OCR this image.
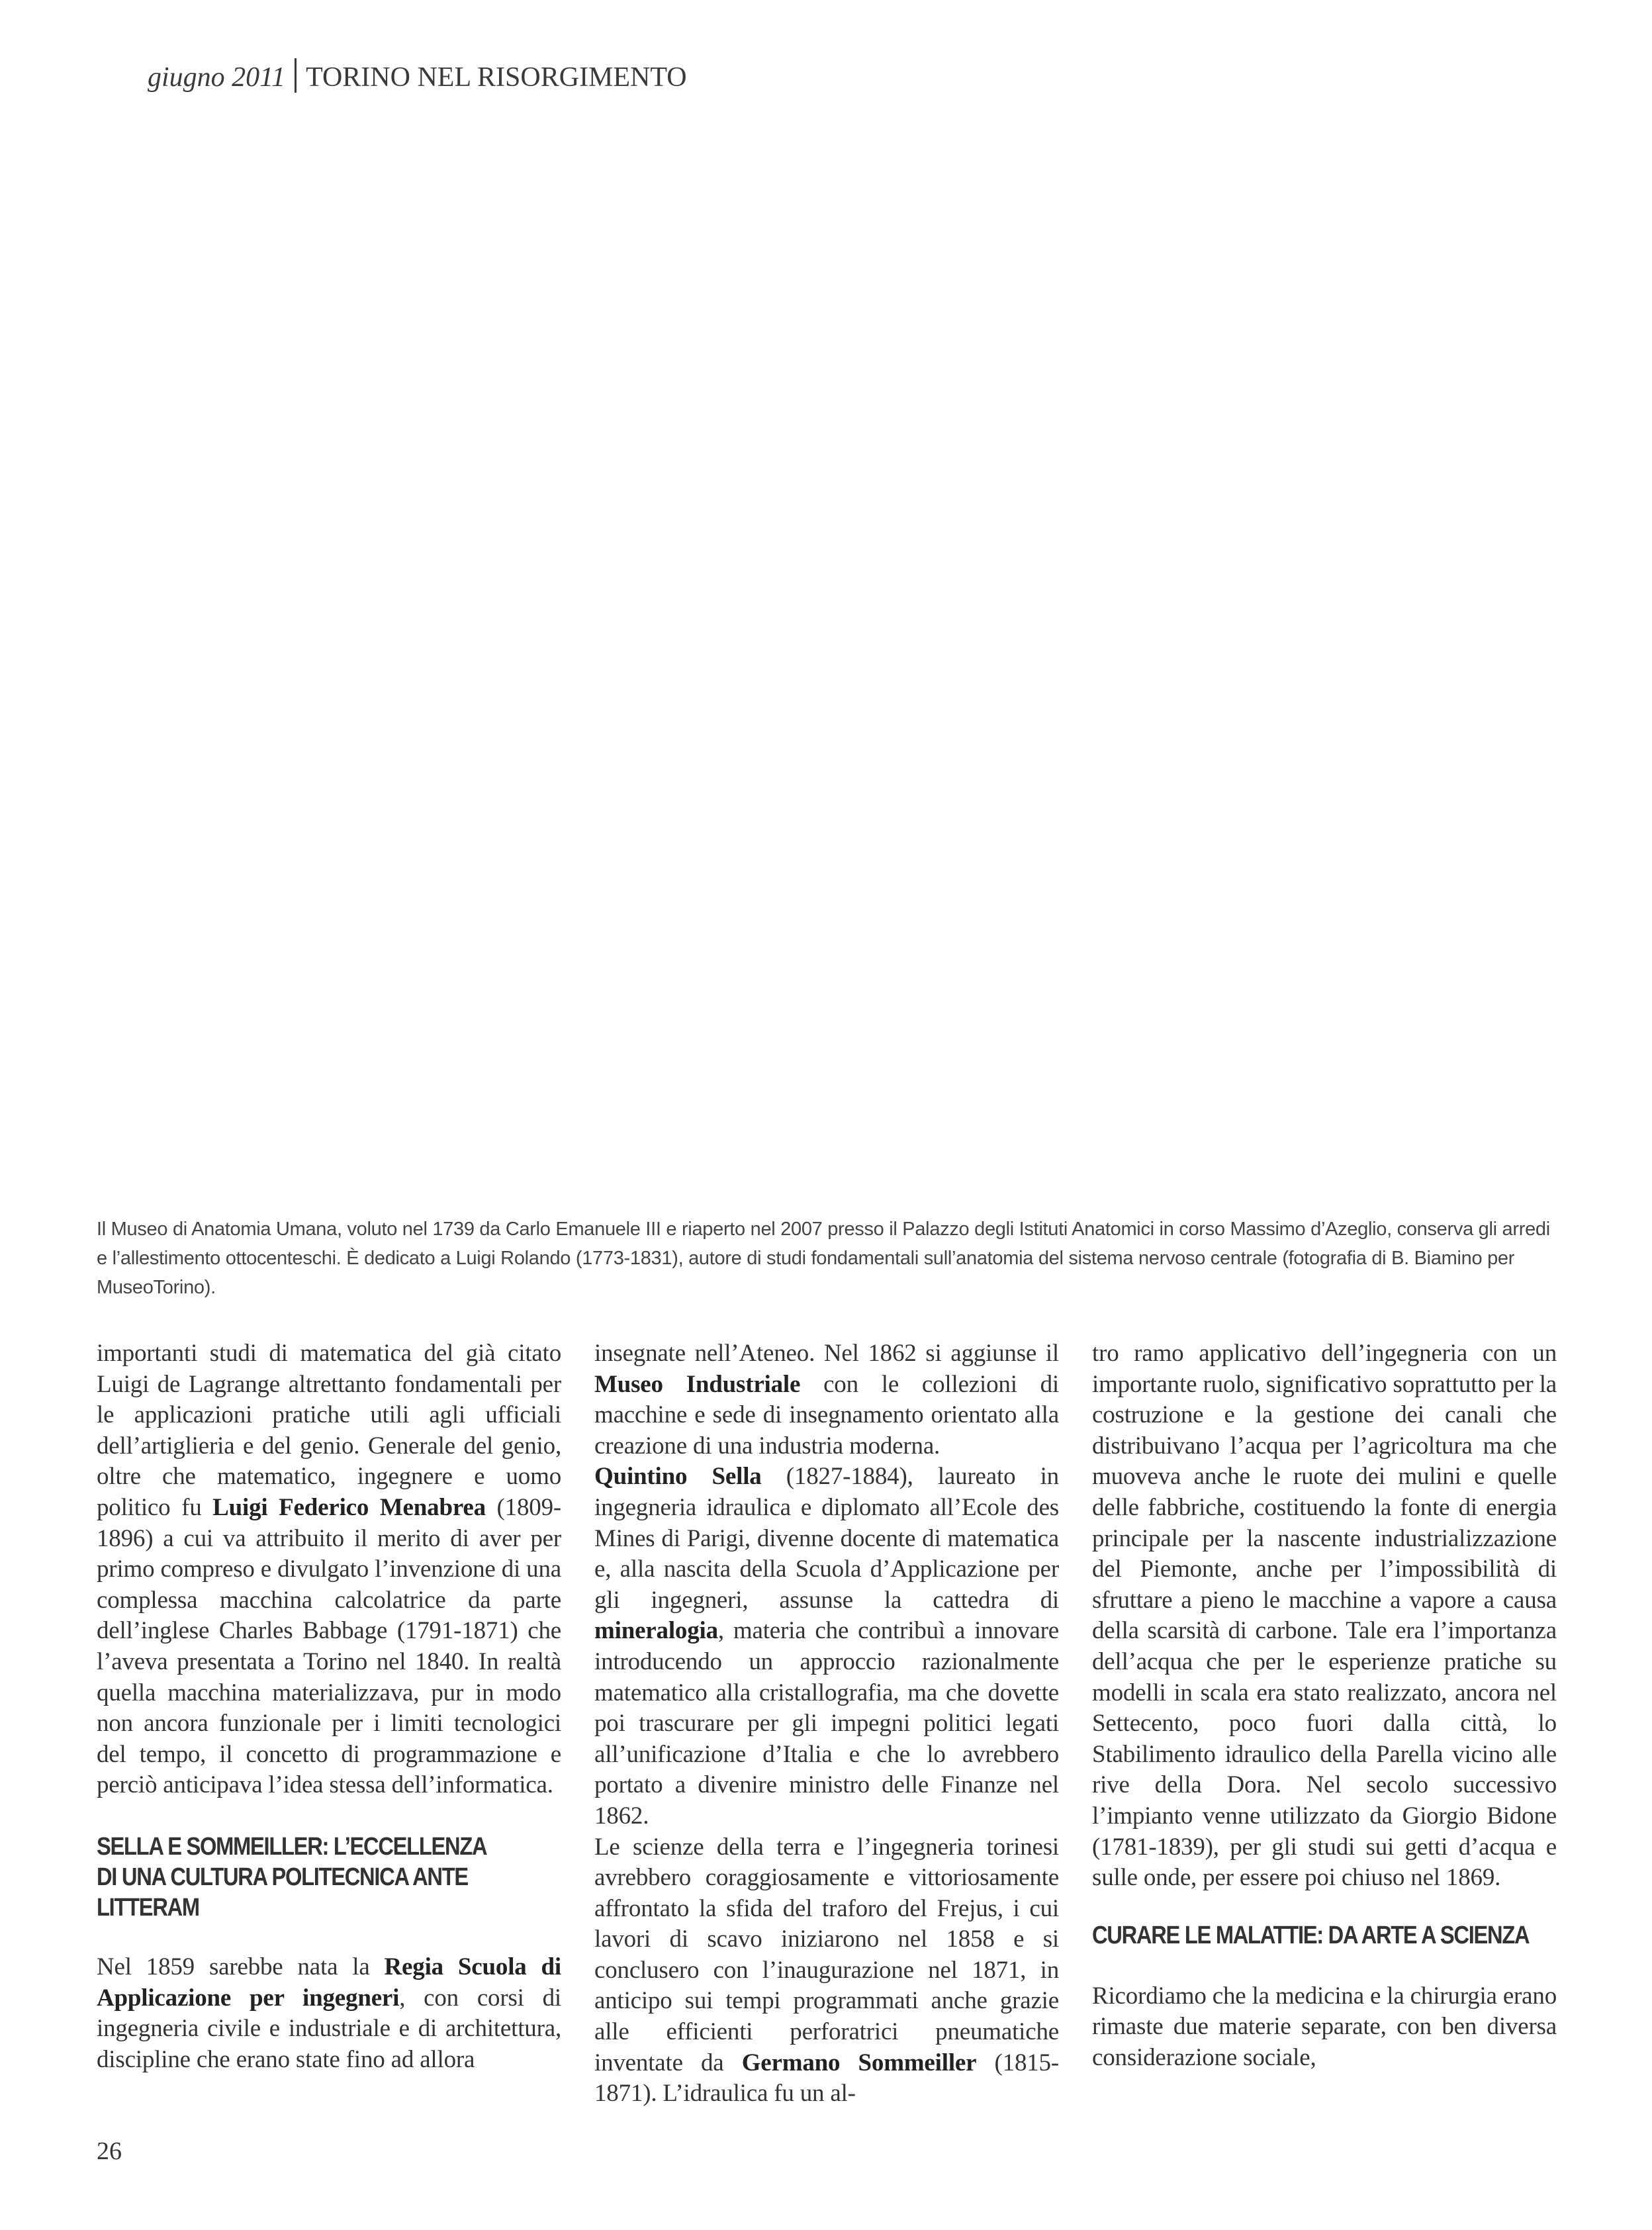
giugno 2011 TORINO NEL RISORGIMENTO
Il Museo di Anatomia Umana, voluto nel 1739 da Carlo Emanuele III e riaperto nel 2007 presso il Palazzo degli Istituti Anatomici in corso Massimo d’Azeglio, conserva gli arredi e l’allestimento ottocenteschi. È dedicato a Luigi Rolando (1773-1831), autore di studi fondamentali sull’anatomia del sistema nervoso centrale (fotografia di B. Biamino per MuseoTorino).

importanti studi di matematica del già citato Luigi de Lagrange altrettanto fondamentali per le applicazioni pratiche utili agli ufficiali dell’artiglieria e del genio. Generale del genio, oltre che matematico, ingegnere e uomo politico fu Luigi Federico Menabrea (1809-1896) a cui va attribuito il merito di aver per primo compreso e divulgato l’invenzione di una complessa macchina calcolatrice da parte dell’inglese Charles Babbage (1791-1871) che l’aveva presentata a Torino nel 1840. In realtà quella macchina materializzava, pur in modo non ancora funzionale per i limiti tecnologici del tempo, il concetto di programmazione e perciò anticipava l’idea stessa dell’informatica.

SELLA E SOMMEILLER: L’ECCELLENZA
DI UNA CULTURA POLITECNICA ANTE LITTERAM

Nel 1859 sarebbe nata la Regia Scuola di Applicazione per ingegneri, con corsi di ingegneria civile e industriale e di architettura, discipline che erano state fino ad allora

insegnate nell’Ateneo. Nel 1862 si aggiunse il Museo Industriale con le collezioni di macchine e sede di insegnamento orientato alla creazione di una industria moderna.

Quintino Sella (1827-1884), laureato in ingegneria idraulica e diplomato all’Ecole des Mines di Parigi, divenne docente di matematica e, alla nascita della Scuola d’Applicazione per gli ingegneri, assunse la cattedra di mineralogia, materia che contribuì a innovare introducendo un approccio razionalmente matematico alla cristallografia, ma che dovette poi trascurare per gli impegni politici legati all’unificazione d’Italia e che lo avrebbero portato a divenire ministro delle Finanze nel 1862.

Le scienze della terra e l’ingegneria torinesi avrebbero coraggiosamente e vittoriosamente affrontato la sfida del traforo del Frejus, i cui lavori di scavo iniziarono nel 1858 e si conclusero con l’inaugurazione nel 1871, in anticipo sui tempi programmati anche grazie alle efficienti perforatrici pneumatiche inventate da Germano Sommeiller (1815-1871). L’idraulica fu un al-

tro ramo applicativo dell’ingegneria con un importante ruolo, significativo soprattutto per la costruzione e la gestione dei canali che distribuivano l’acqua per l’agricoltura ma che muoveva anche le ruote dei mulini e quelle delle fabbriche, costituendo la fonte di energia principale per la nascente industrializzazione del Piemonte, anche per l’impossibilità di sfruttare a pieno le macchine a vapore a causa della scarsità di carbone. Tale era l’importanza dell’acqua che per le esperienze pratiche su modelli in scala era stato realizzato, ancora nel Settecento, poco fuori dalla città, lo Stabilimento idraulico della Parella vicino alle rive della Dora. Nel secolo successivo l’impianto venne utilizzato da Giorgio Bidone (1781-1839), per gli studi sui getti d’acqua e sulle onde, per essere poi chiuso nel 1869.

CURARE LE MALATTIE: DA ARTE A SCIENZA

Ricordiamo che la medicina e la chirurgia erano rimaste due materie separate, con ben diversa considerazione sociale,

26
